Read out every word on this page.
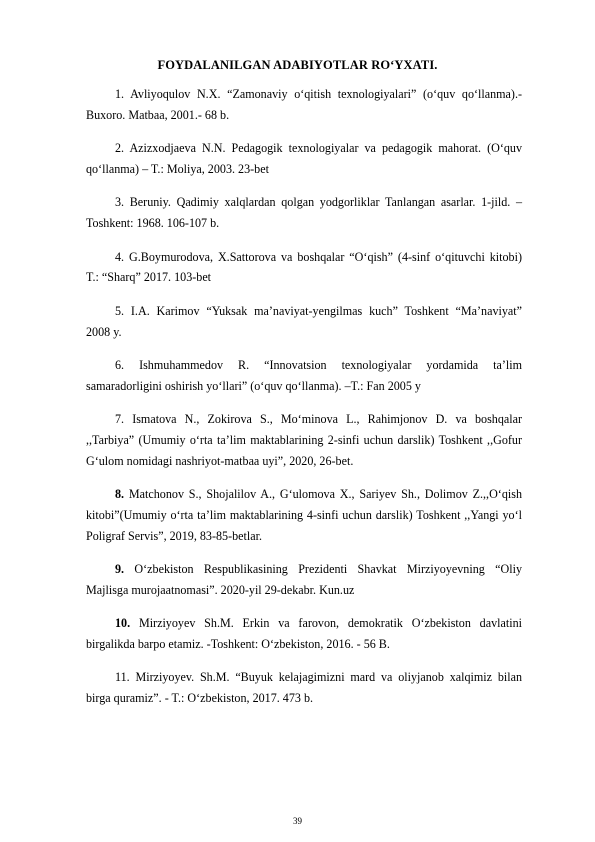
FOYDALANILGAN ADABIYOTLAR RO‘YXATI.
1. Avliyoqulov N.X. “Zamonaviy o‘qitish texnologiyalari” (o‘quv qo‘llanma).- Buxoro. Matbaa, 2001.- 68 b.
2. Azizxodjaeva N.N. Pedagogik texnologiyalar va pedagogik mahorat. (O‘quv qo‘llanma) – T.: Moliya, 2003. 23-bet
3. Beruniy. Qadimiy xalqlardan qolgan yodgorliklar Tanlangan asarlar. 1-jild. – Toshkent: 1968. 106-107 b.
4. G.Boymurodova, X.Sattorova va boshqalar “O‘qish” (4-sinf o‘qituvchi kitobi) T.: “Sharq” 2017. 103-bet
5. I.A. Karimov “Yuksak ma’naviyat-yengilmas kuch” Toshkent “Ma’naviyat” 2008 y.
6. Ishmuhammedov R. “Innovatsion texnologiyalar yordamida ta’lim samaradorligini oshirish yo‘llari” (o‘quv qo‘llanma). –T.: Fan 2005 y
7. Ismatova N., Zokirova S., Mo‘minova L., Rahimjonov D. va boshqalar ,,Tarbiya” (Umumiy o‘rta ta’lim maktablarining 2-sinfi uchun darslik) Toshkent ,,Gofur G‘ulom nomidagi nashriyot-matbaa uyi”, 2020, 26-bet.
8. Matchonov S., Shojalilov A., G‘ulomova X., Sariyev Sh., Dolimov Z.,,O‘qish kitobi”(Umumiy o‘rta ta’lim maktablarining 4-sinfi uchun darslik) Toshkent ,,Yangi yo‘l Poligraf Servis”, 2019, 83-85-betlar.
9. O‘zbekiston Respublikasining Prezidenti Shavkat Mirziyoyevning “Oliy Majlisga murojaatnomasi”. 2020-yil 29-dekabr. Kun.uz
10. Mirziyoyev Sh.M. Erkin va farovon, demokratik O‘zbekiston davlatini birgalikda barpo etamiz. -Toshkent: O‘zbekiston, 2016. - 56 B.
11. Mirziyoyev. Sh.M. “Buyuk kelajagimizni mard va oliyjanob xalqimiz bilan birga quramiz”. - T.: O‘zbekiston, 2017. 473 b.
39
